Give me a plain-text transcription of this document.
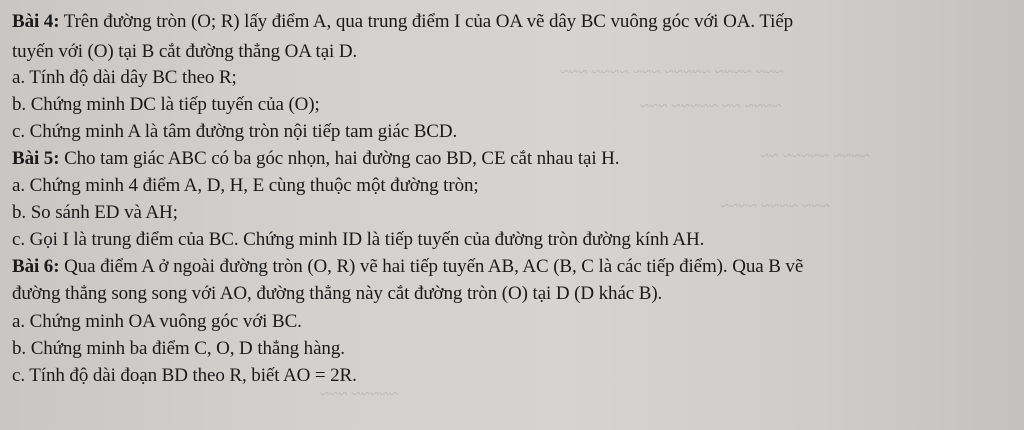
~~~ ~~~~ ~~~~~ ~~~ ~~~~ ~~~
~~~~ ~~ ~~~~~ ~~~
~~~~ ~~~~~ ~~
~~~ ~~~~ ~~~~
~~~~~ ~~~
Bài 4: Trên đường tròn (O; R) lấy điểm A, qua trung điểm I của OA vẽ dây BC vuông góc với OA. Tiếp
tuyến với (O) tại B cắt đường thẳng OA tại D.
a. Tính độ dài dây BC theo R;
b. Chứng minh DC là tiếp tuyến của (O);
c. Chứng minh A là tâm đường tròn nội tiếp tam giác BCD.
Bài 5: Cho tam giác ABC có ba góc nhọn, hai đường cao BD, CE cắt nhau tại H.
a. Chứng minh 4 điểm A, D, H, E cùng thuộc một đường tròn;
b. So sánh ED và AH;
c. Gọi I là trung điểm của BC. Chứng minh ID là tiếp tuyến của đường tròn đường kính AH.
Bài 6: Qua điểm A ở ngoài đường tròn (O, R) vẽ hai tiếp tuyến AB, AC (B, C là các tiếp điểm). Qua B vẽ
đường thẳng song song với AO, đường thẳng này cắt đường tròn (O) tại D (D khác B).
a. Chứng minh OA vuông góc với BC.
b. Chứng minh ba điểm C, O, D thẳng hàng.
c. Tính độ dài đoạn BD theo R, biết AO = 2R.
